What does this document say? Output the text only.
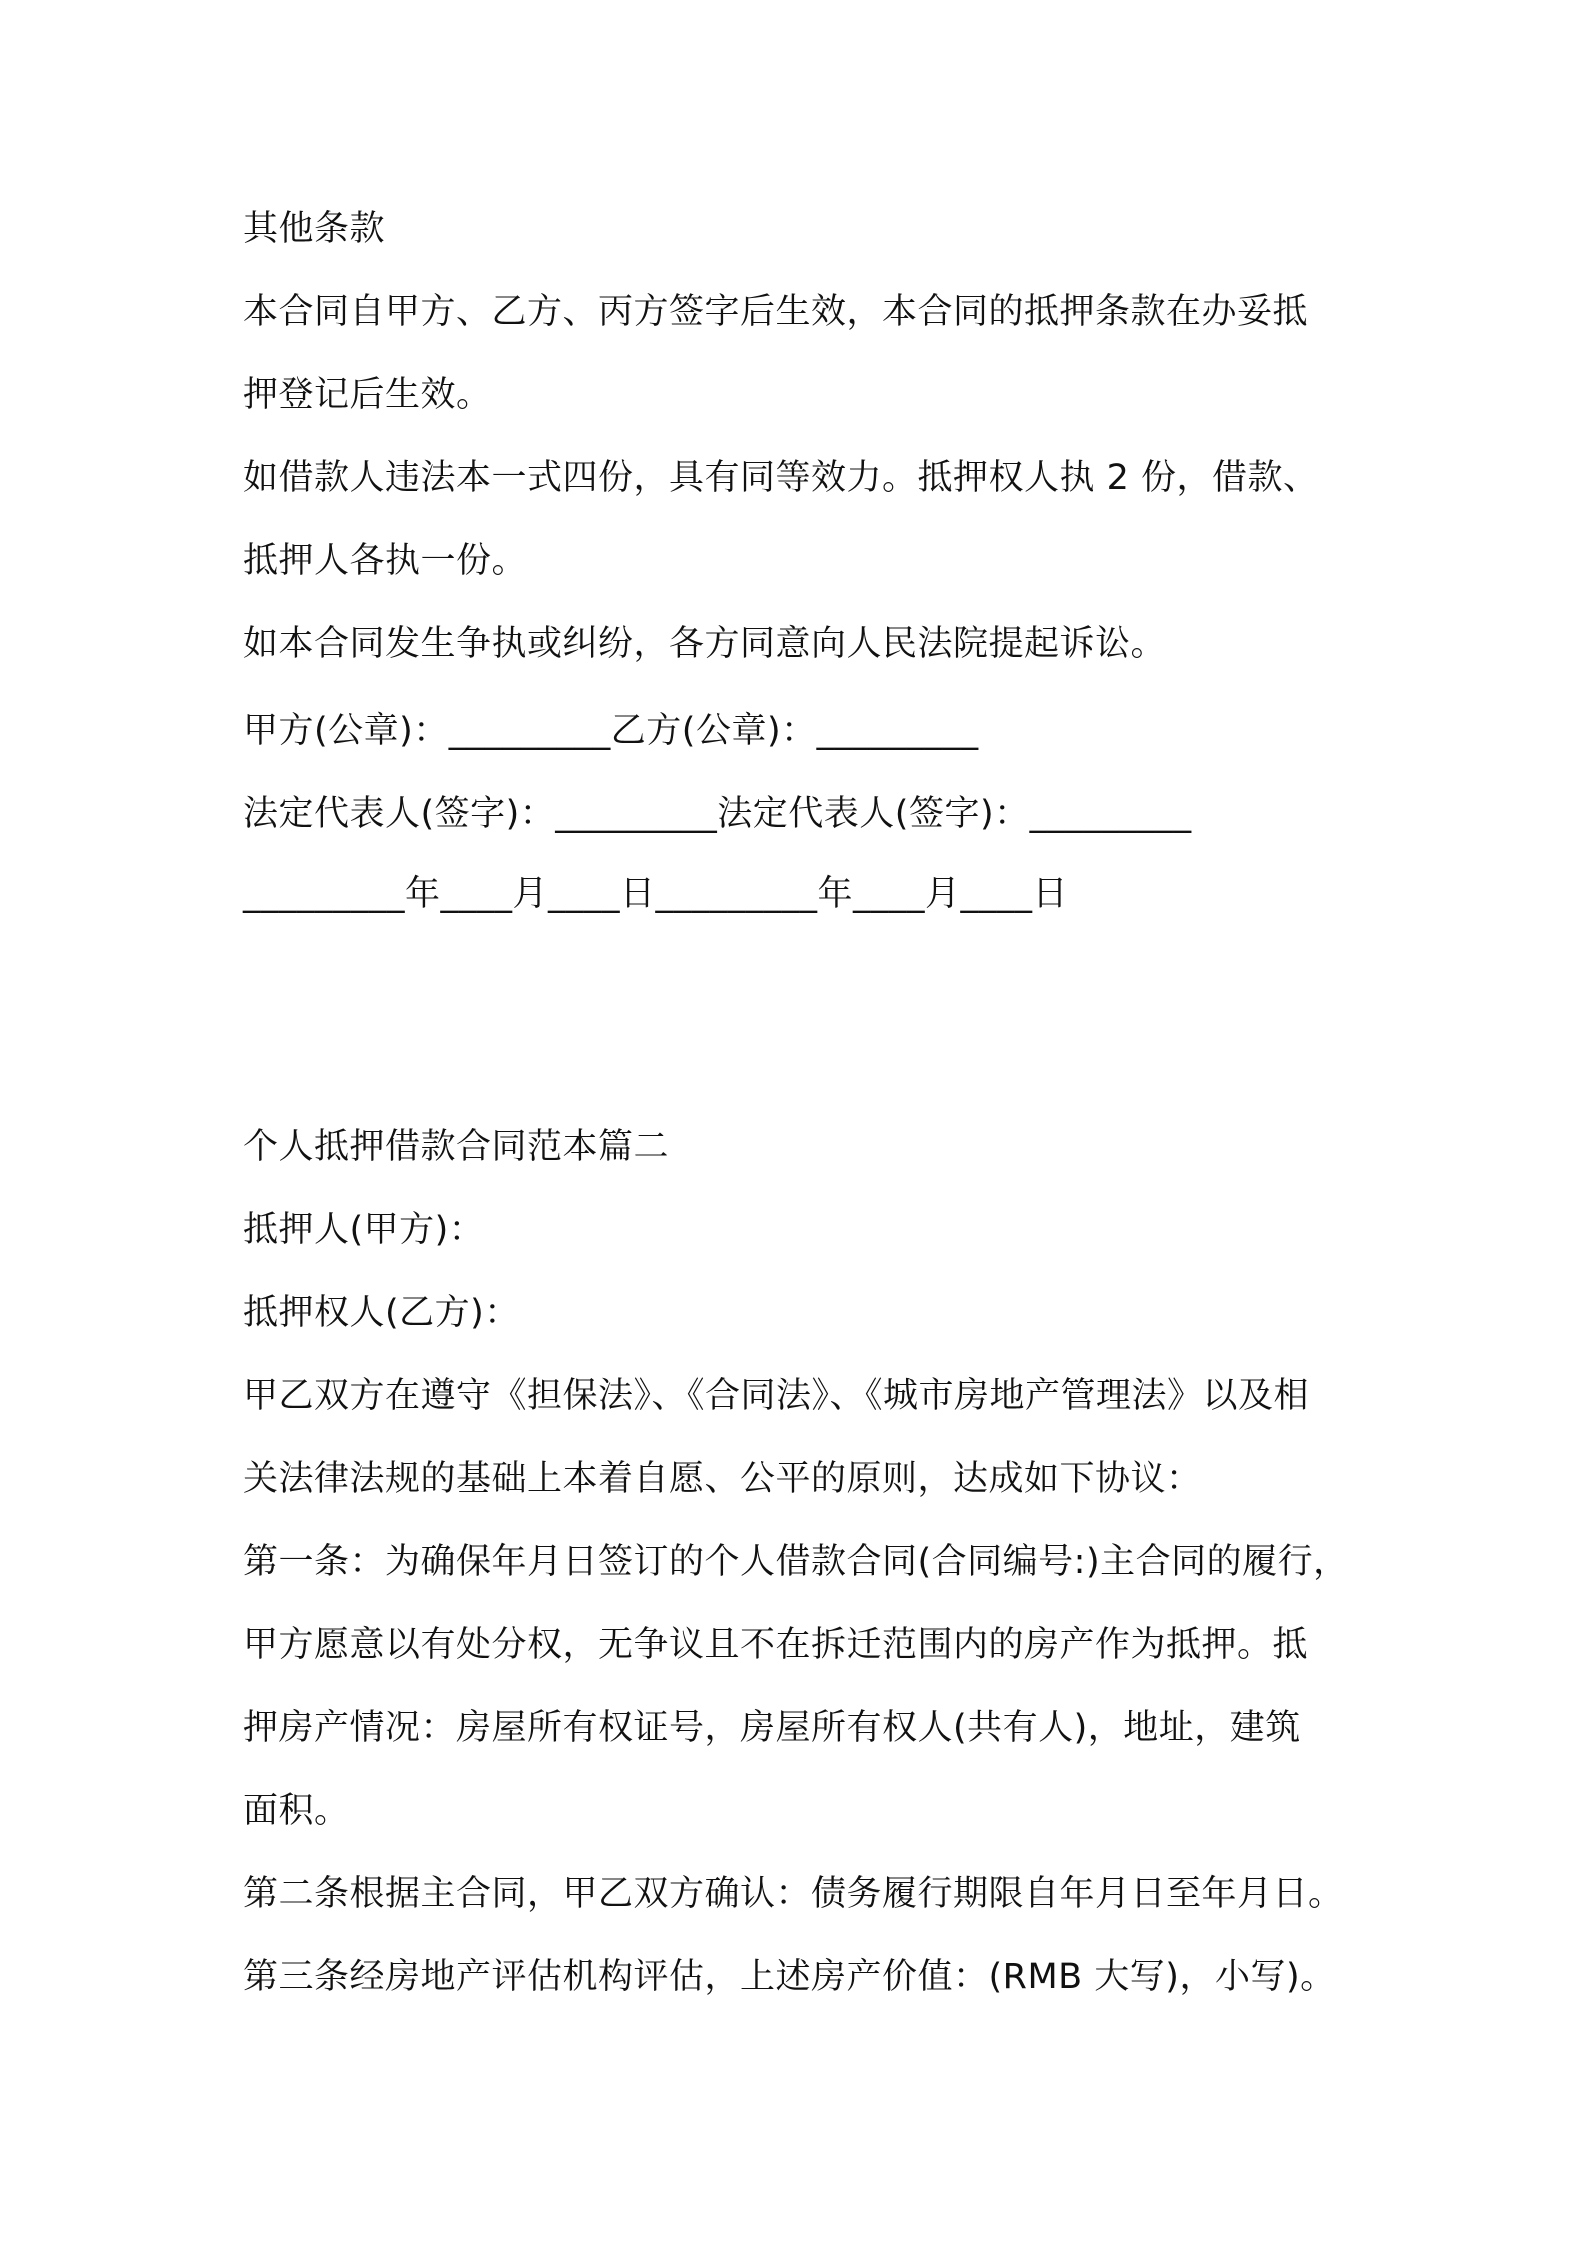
其他条款

本合同自甲方、乙方、丙方签字后生效，本合同的抵押条款在办妥抵

押登记后生效。

如借款人违法本一式四份，具有同等效力。抵押权人执 2 份，借款、

抵押人各执一份。

如本合同发生争执或纠纷，各方同意向人民法院提起诉讼。

甲方(公章)：_________乙方(公章)：_________

法定代表人(签字)：_________法定代表人(签字)：_________

_________年____月____日_________年____月____日

个人抵押借款合同范本篇二

抵押人(甲方)：

抵押权人(乙方)：

甲乙双方在遵守《担保法》、《合同法》、《城市房地产管理法》以及相

关法律法规的基础上本着自愿、公平的原则，达成如下协议：

第一条：为确保年月日签订的个人借款合同(合同编号:)主合同的履行，

甲方愿意以有处分权，无争议且不在拆迁范围内的房产作为抵押。抵

押房产情况：房屋所有权证号，房屋所有权人(共有人)，地址，建筑

面积。

第二条根据主合同，甲乙双方确认：债务履行期限自年月日至年月日。

第三条经房地产评估机构评估，上述房产价值：(RMB 大写)，小写)。
